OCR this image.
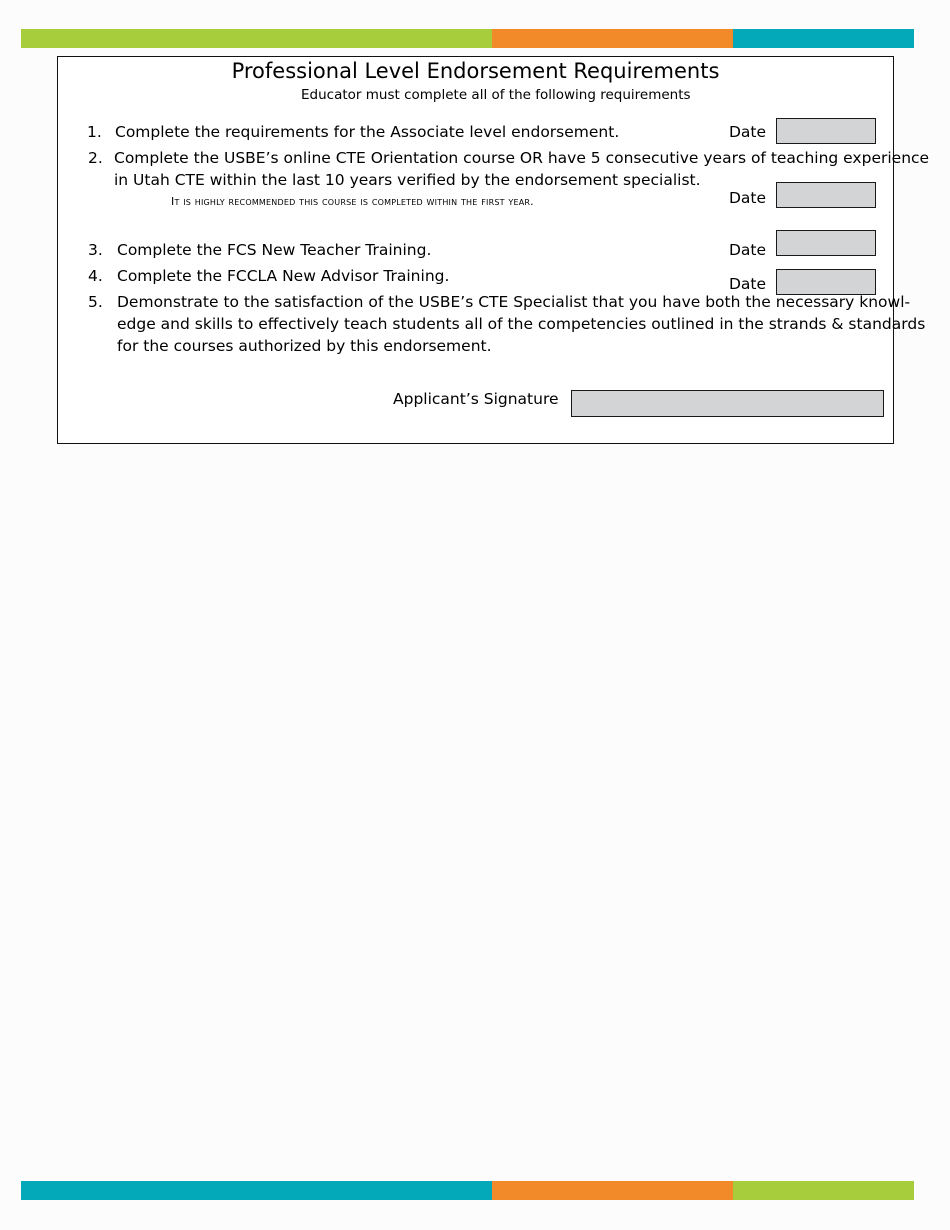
Professional Level Endorsement Requirements
Educator must complete all of the following requirements
1. Complete the requirements for the Associate level endorsement.	Date
2. Complete the USBE’s online CTE Orientation course OR have 5 consecutive years of teaching experience
in Utah CTE within the last 10 years verified by the endorsement specialist.
It is highly recommended this course is completed within the first year.	Date
3. Complete the FCS New Teacher Training.	Date
4. Complete the FCCLA New Advisor Training.	Date
5. Demonstrate to the satisfaction of the USBE’s CTE Specialist that you have both the necessary knowl-
edge and skills to effectively teach students all of the competencies outlined in the strands & standards
for the courses authorized by this endorsement.
Applicant’s Signature
